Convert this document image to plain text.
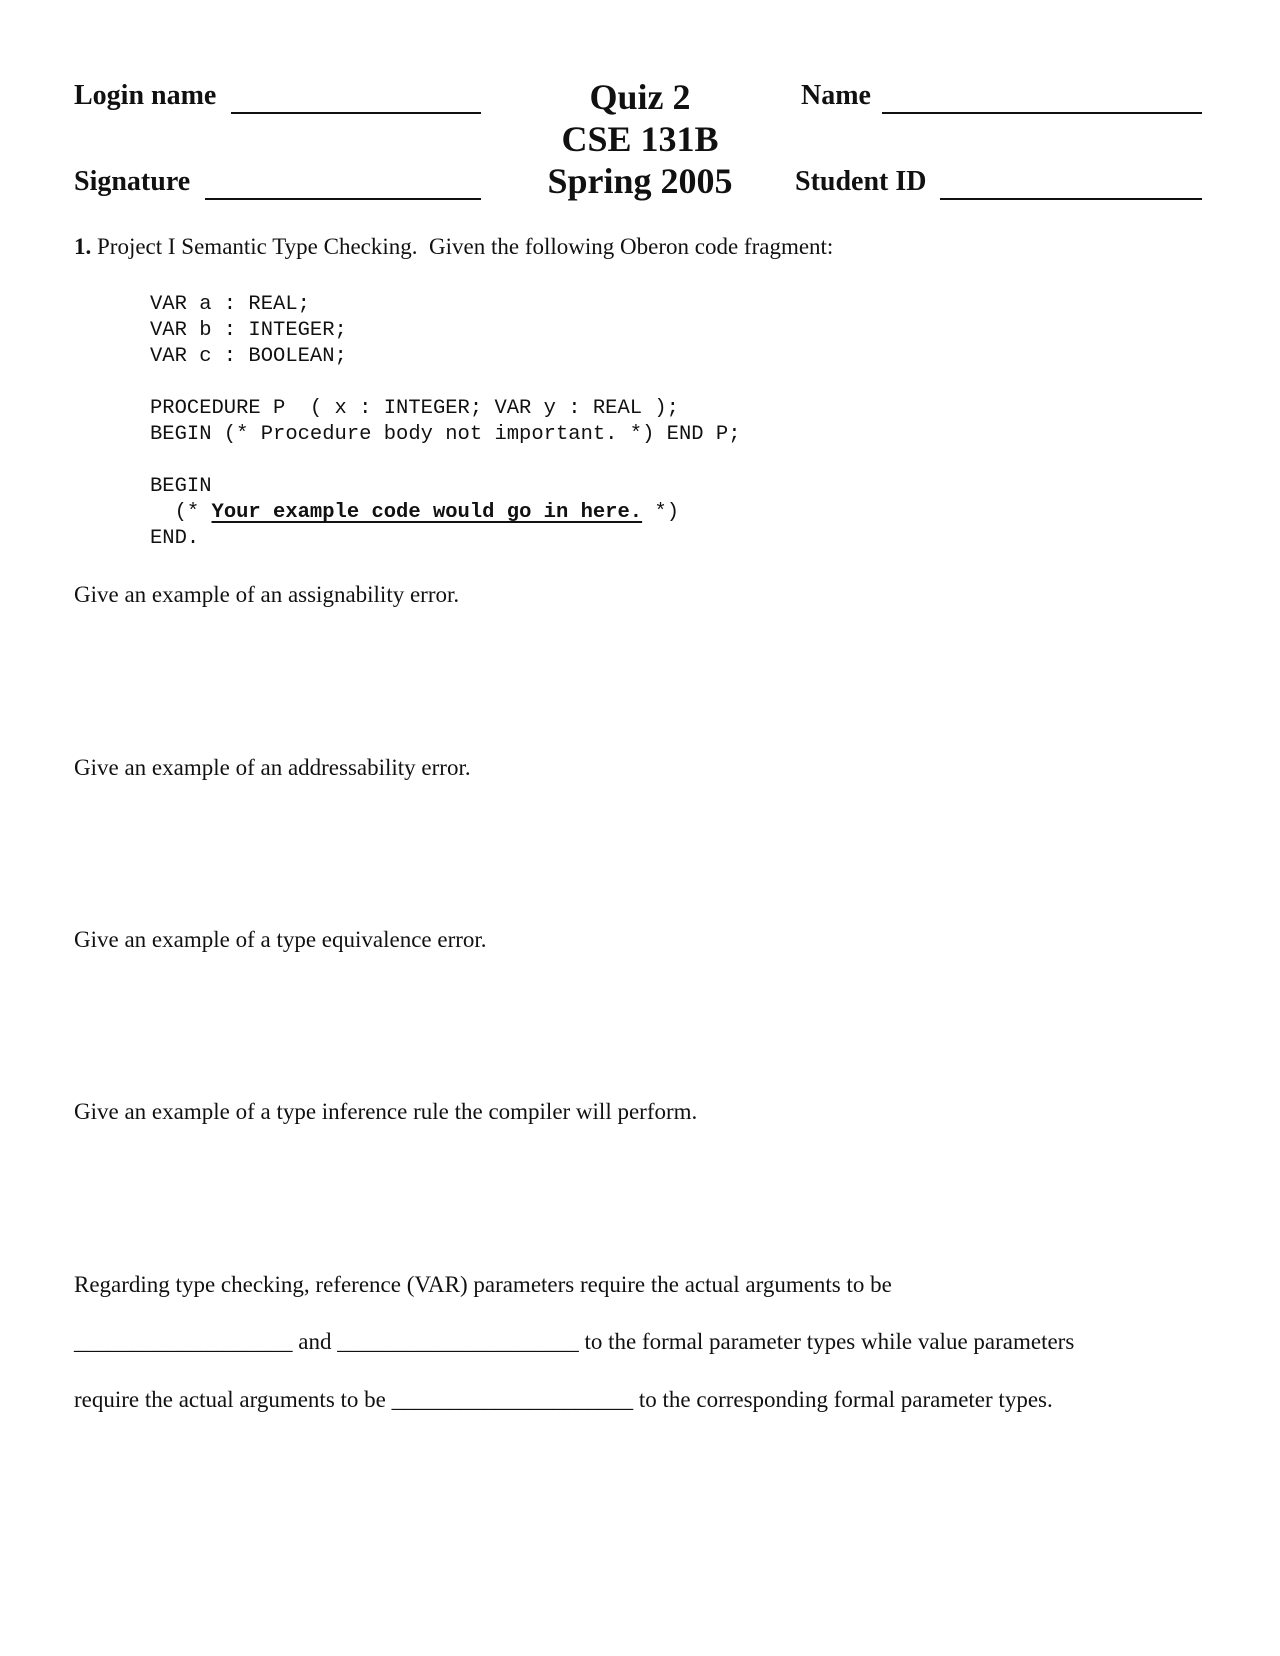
Login name
Signature
Quiz 2
CSE 131B
Spring 2005
Name
Student ID
1. Project I Semantic Type Checking.  Given the following Oberon code fragment:
VAR a : REAL;
VAR b : INTEGER;
VAR c : BOOLEAN;
PROCEDURE P  ( x : INTEGER; VAR y : REAL );
BEGIN (* Procedure body not important. *) END P;
BEGIN
(* Your example code would go in here. *)
END.
Give an example of an assignability error.
Give an example of an addressability error.
Give an example of a type equivalence error.
Give an example of a type inference rule the compiler will perform.
Regarding type checking, reference (VAR) parameters require the actual arguments to be
___________________ and _____________________ to the formal parameter types while value parameters
require the actual arguments to be _____________________ to the corresponding formal parameter types.
